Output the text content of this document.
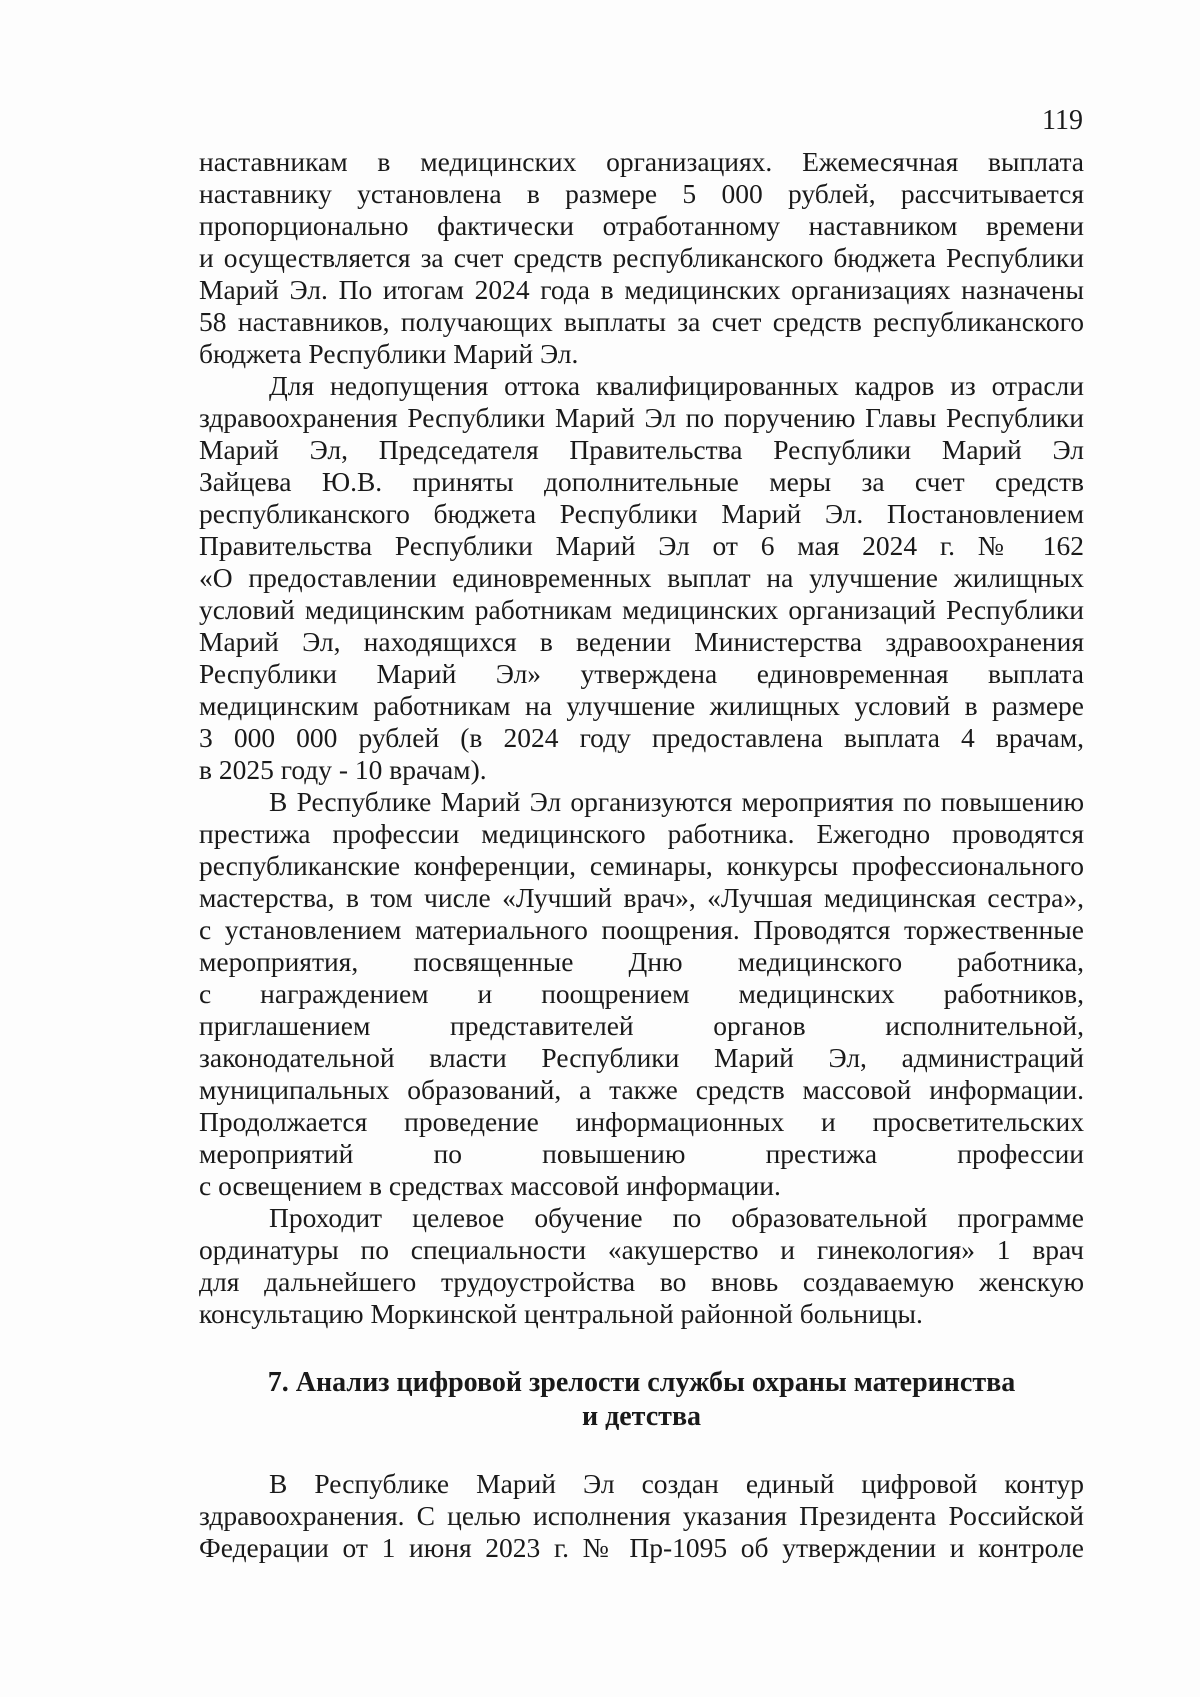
119

наставникам в медицинских организациях. Ежемесячная выплата
наставнику установлена в размере 5 000 рублей, рассчитывается
пропорционально фактически отработанному наставником времени
и осуществляется за счет средств республиканского бюджета Республики
Марий Эл. По итогам 2024 года в медицинских организациях назначены
58 наставников, получающих выплаты за счет средств республиканского
бюджета Республики Марий Эл.

Для недопущения оттока квалифицированных кадров из отрасли
здравоохранения Республики Марий Эл по поручению Главы Республики
Марий Эл, Председателя Правительства Республики Марий Эл
Зайцева Ю.В. приняты дополнительные меры за счет средств
республиканского бюджета Республики Марий Эл. Постановлением
Правительства Республики Марий Эл от 6 мая 2024 г. № 162
«О предоставлении единовременных выплат на улучшение жилищных
условий медицинским работникам медицинских организаций Республики
Марий Эл, находящихся в ведении Министерства здравоохранения
Республики Марий Эл» утверждена единовременная выплата
медицинским работникам на улучшение жилищных условий в размере
3 000 000 рублей (в 2024 году предоставлена выплата 4 врачам,
в 2025 году - 10 врачам).

В Республике Марий Эл организуются мероприятия по повышению
престижа профессии медицинского работника. Ежегодно проводятся
республиканские конференции, семинары, конкурсы профессионального
мастерства, в том числе «Лучший врач», «Лучшая медицинская сестра»,
с установлением материального поощрения. Проводятся торжественные
мероприятия, посвященные Дню медицинского работника,
с награждением и поощрением медицинских работников,
приглашением представителей органов исполнительной,
законодательной власти Республики Марий Эл, администраций
муниципальных образований, а также средств массовой информации.
Продолжается проведение информационных и просветительских
мероприятий по повышению престижа профессии
с освещением в средствах массовой информации.

Проходит целевое обучение по образовательной программе
ординатуры по специальности «акушерство и гинекология» 1 врач
для дальнейшего трудоустройства во вновь создаваемую женскую
консультацию Моркинской центральной районной больницы.

7. Анализ цифровой зрелости службы охраны материнства
и детства

В Республике Марий Эл создан единый цифровой контур
здравоохранения. С целью исполнения указания Президента Российской
Федерации от 1 июня 2023 г. № Пр-1095 об утверждении и контроле
